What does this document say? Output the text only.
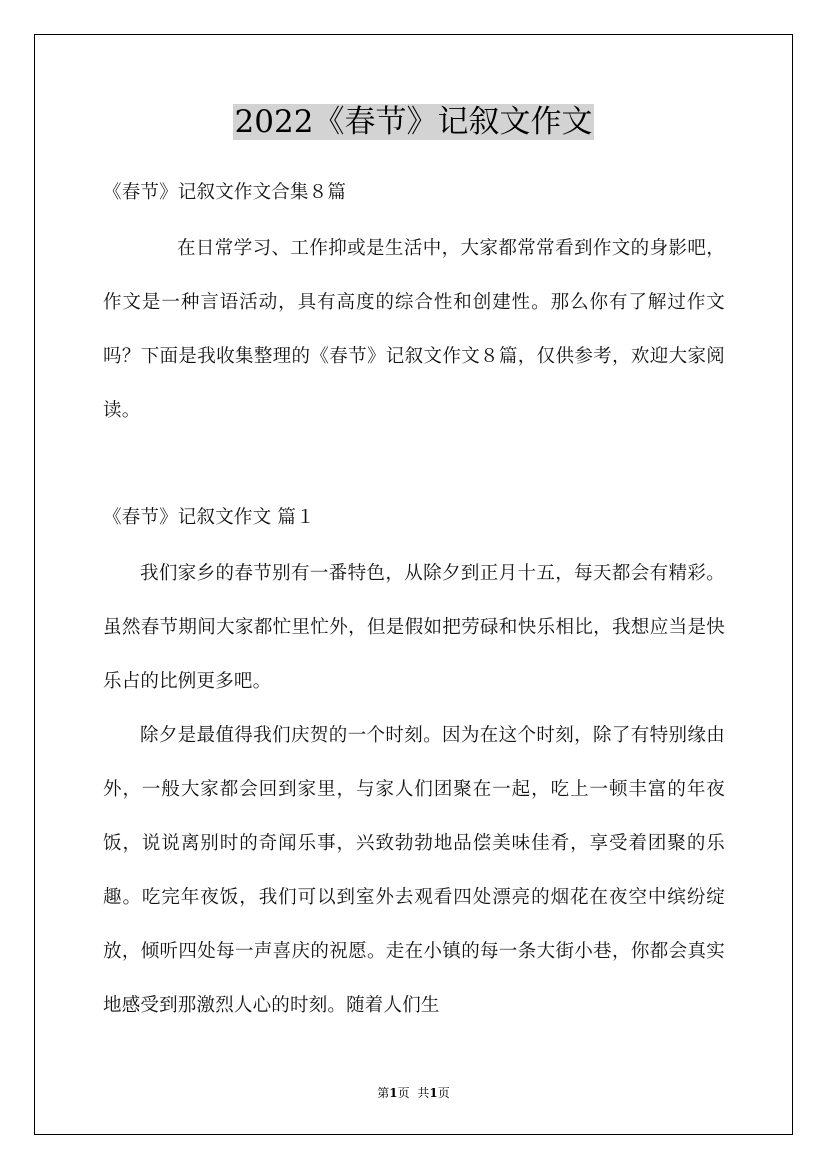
2022《春节》记叙文作文
《春节》记叙文作文合集８篇
在日常学习、工作抑或是生活中，大家都常常看到作文的身影吧，作文是一种言语活动，具有高度的综合性和创建性。那么你有了解过作文吗？下面是我收集整理的《春节》记叙文作文８篇，仅供参考，欢迎大家阅读。
《春节》记叙文作文 篇１
我们家乡的春节别有一番特色，从除夕到正月十五，每天都会有精彩。虽然春节期间大家都忙里忙外，但是假如把劳碌和快乐相比，我想应当是快乐占的比例更多吧。
除夕是最值得我们庆贺的一个时刻。因为在这个时刻，除了有特别缘由外，一般大家都会回到家里，与家人们团聚在一起，吃上一顿丰富的年夜饭，说说离别时的奇闻乐事，兴致勃勃地品偿美味佳肴，享受着团聚的乐趣。吃完年夜饭，我们可以到室外去观看四处漂亮的烟花在夜空中缤纷绽放，倾听四处每一声喜庆的祝愿。走在小镇的每一条大街小巷，你都会真实地感受到那激烈人心的时刻。随着人们生
第1页 共1页
